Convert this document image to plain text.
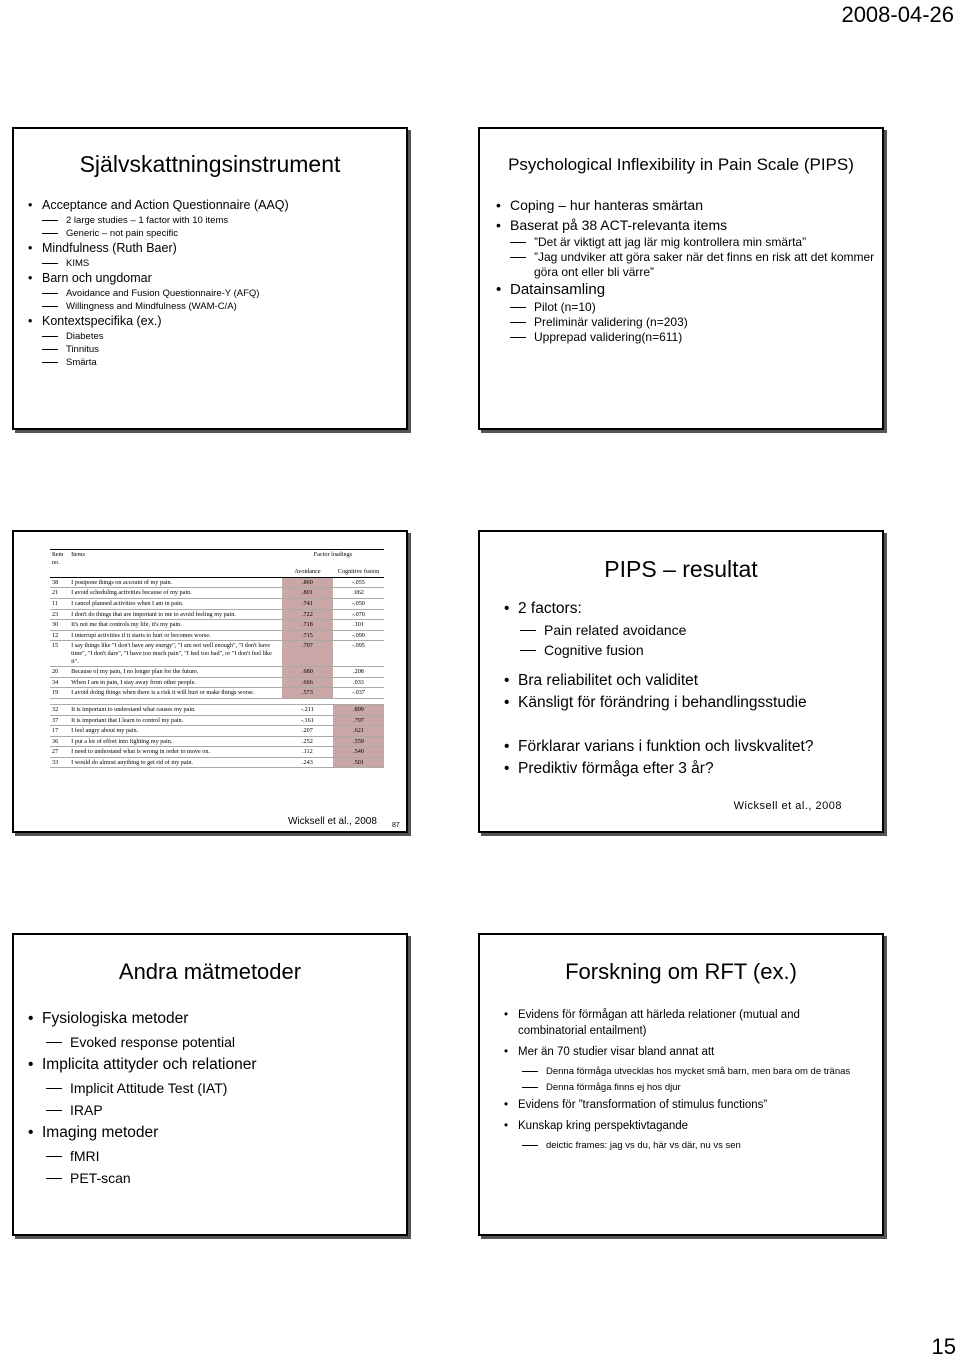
2008-04-26
Självskattningsinstrument
• Acceptance and Action Questionnaire (AAQ)
2 large studies – 1 factor with 10 items
Generic – not pain specific
• Mindfulness (Ruth Baer)
KIMS
• Barn och ungdomar
Avoidance and Fusion Questionnaire-Y (AFQ)
Willingness and Mindfulness (WAM-C/A)
• Kontextspecifika (ex.)
Diabetes
Tinnitus
Smärta
Psychological Inflexibility in Pain Scale (PIPS)
• Coping – hur hanteras smärtan
• Baserat på 38 ACT-relevanta items
”Det är viktigt att jag lär mig kontrollera min smärta”
”Jag undviker att göra saker när det finns en risk att det kommer göra ont eller bli värre”
• Datainsamling
Pilot (n=10)
Preliminär validering (n=203)
Upprepad validering(n=611)
Item no.	Items	Factor loadings	
		Avoidance	Cognitive fusion
38	I postpone things on account of my pain.	.860	-.055
21	I avoid scheduling activities because of my pain.	.801	.062
11	I cancel planned activities when I am in pain.	.741	-.050
23	I don't do things that are important to me to avoid feeling my pain.	.722	-.070
30	It's not me that controls my life, it's my pain.	.718	.101
12	I interrupt activities if it starts to hurt or becomes worse.	.715	-.099
15	I say things like "I don't have any energy", "I am not well enough", "I don't have time", "I don't dare", "I have too much pain", "I feel too bad", or "I don't feel like it".	.707	-.095
20	Because of my pain, I no longer plan for the future.	.680	.208
34	When I am in pain, I stay away from other people.	.666	.033
19	I avoid doing things when there is a risk it will hurt or make things worse.	.573	-.037

32	It is important to understand what causes my pain.	-.211	.809
37	It is important that I learn to control my pain.	-.161	.797
17	I feel angry about my pain.	.207	.621
36	I put a lot of effort into fighting my pain.	.252	.559
27	I need to understand what is wrong in order to move on.	.112	.540
33	I would do almost anything to get rid of my pain.	.243	.501
Wicksell et al., 2008 87
PIPS – resultat
• 2 factors:
Pain related avoidance
Cognitive fusion
• Bra reliabilitet och validitet
• Känsligt för förändring i behandlingsstudie
• Förklarar varians i funktion och livskvalitet?
• Prediktiv förmåga efter 3 år?
Wicksell et al., 2008
Andra mätmetoder
• Fysiologiska metoder
Evoked response potential
• Implicita attityder och relationer
Implicit Attitude Test (IAT)
IRAP
• Imaging metoder
fMRI
PET-scan
Forskning om RFT (ex.)
• Evidens för förmågan att härleda relationer (mutual and combinatorial entailment)
• Mer än 70 studier visar bland annat att
Denna förmåga utvecklas hos mycket små barn, men bara om de tränas
Denna förmåga finns ej hos djur
• Evidens för ”transformation of stimulus functions”
• Kunskap kring perspektivtagande
deictic frames: jag vs du, här vs där, nu vs sen
15
